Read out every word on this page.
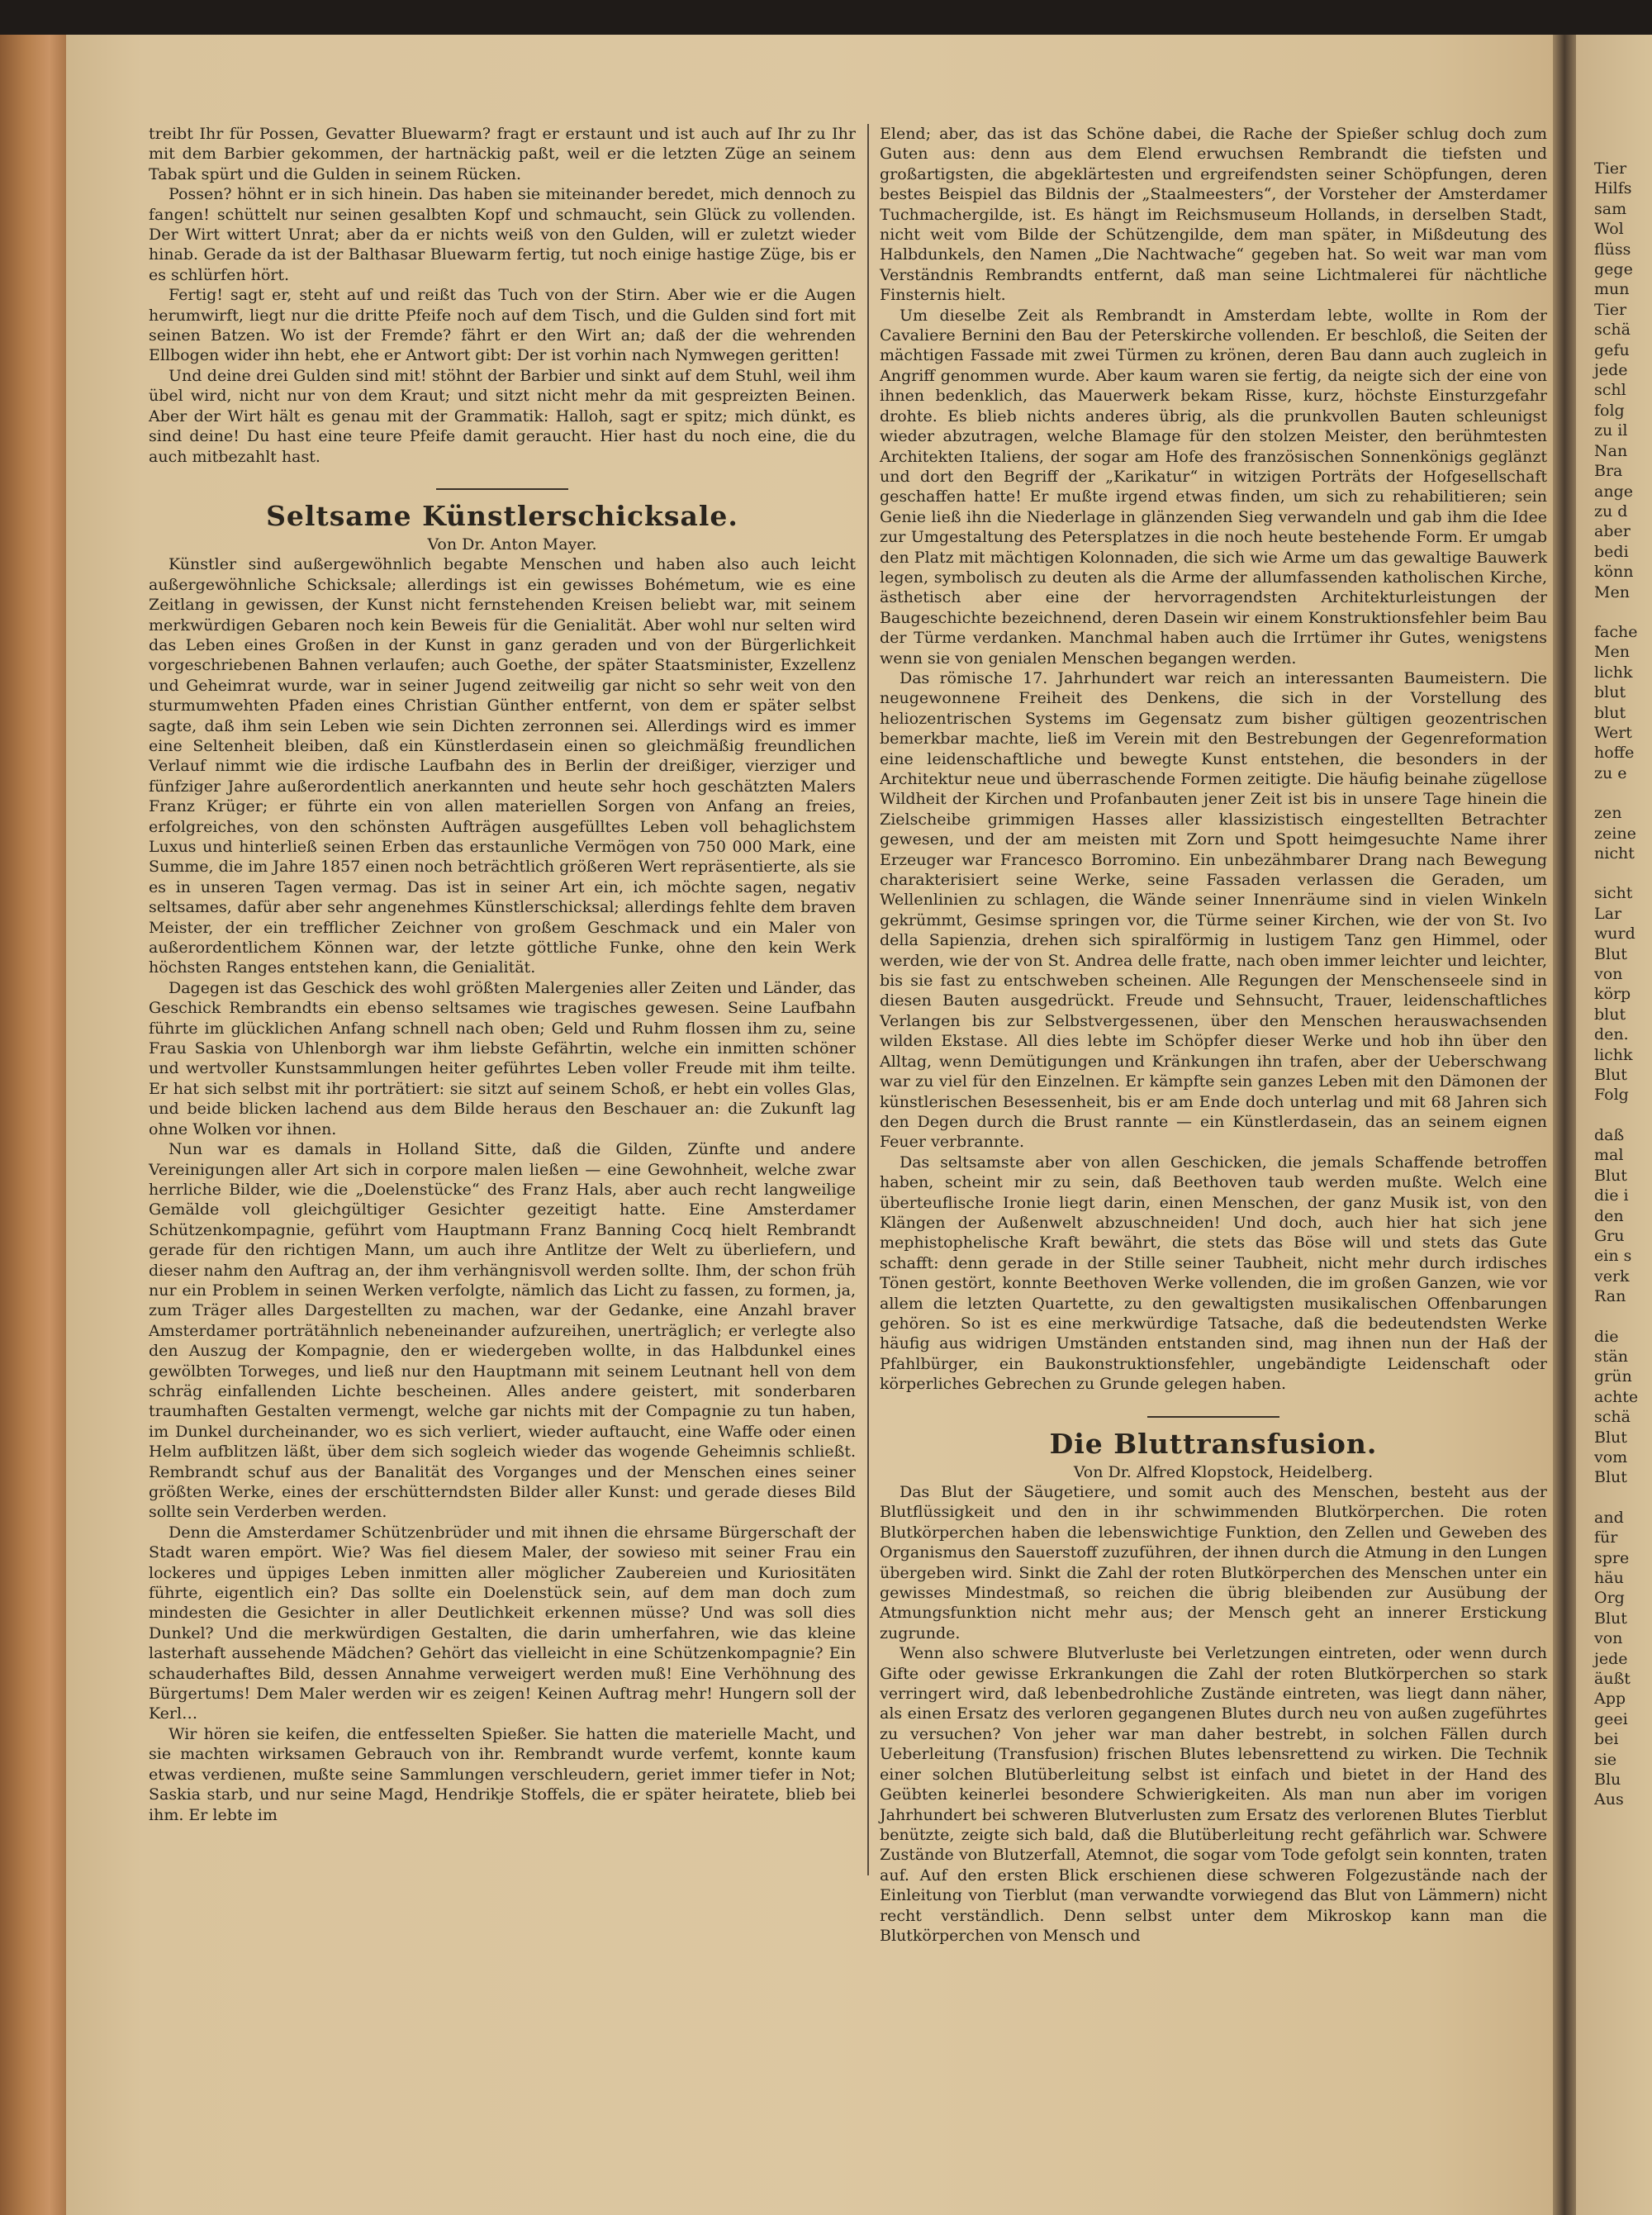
treibt Ihr für Possen, Gevatter Bluewarm? fragt er erstaunt und ist auch auf Ihr zu Ihr mit dem Barbier gekommen, der hartnäckig paßt, weil er die letzten Züge an seinem Tabak spürt und die Gulden in seinem Rücken.

Possen? höhnt er in sich hinein. Das haben sie miteinander beredet, mich dennoch zu fangen! schüttelt nur seinen gesalbten Kopf und schmaucht, sein Glück zu vollenden. Der Wirt wittert Unrat; aber da er nichts weiß von den Gulden, will er zuletzt wieder hinab. Gerade da ist der Balthasar Bluewarm fertig, tut noch einige hastige Züge, bis er es schlürfen hört.

Fertig! sagt er, steht auf und reißt das Tuch von der Stirn. Aber wie er die Augen herumwirft, liegt nur die dritte Pfeife noch auf dem Tisch, und die Gulden sind fort mit seinen Batzen. Wo ist der Fremde? fährt er den Wirt an; daß der die wehrenden Ellbogen wider ihn hebt, ehe er Antwort gibt: Der ist vorhin nach Nymwegen geritten!

Und deine drei Gulden sind mit! stöhnt der Barbier und sinkt auf dem Stuhl, weil ihm übel wird, nicht nur von dem Kraut; und sitzt nicht mehr da mit gespreizten Beinen. Aber der Wirt hält es genau mit der Grammatik: Halloh, sagt er spitz; mich dünkt, es sind deine! Du hast eine teure Pfeife damit geraucht. Hier hast du noch eine, die du auch mitbezahlt hast.

Seltsame Künstlerschicksale.

Von Dr. Anton Mayer.

Künstler sind außergewöhnlich begabte Menschen und haben also auch leicht außergewöhnliche Schicksale; allerdings ist ein gewisses Bohémetum, wie es eine Zeitlang in gewissen, der Kunst nicht fernstehenden Kreisen beliebt war, mit seinem merkwürdigen Gebaren noch kein Beweis für die Genialität. Aber wohl nur selten wird das Leben eines Großen in der Kunst in ganz geraden und von der Bürgerlichkeit vorgeschriebenen Bahnen verlaufen; auch Goethe, der später Staatsminister, Exzellenz und Geheimrat wurde, war in seiner Jugend zeitweilig gar nicht so sehr weit von den sturmumwehten Pfaden eines Christian Günther entfernt, von dem er später selbst sagte, daß ihm sein Leben wie sein Dichten zerronnen sei. Allerdings wird es immer eine Seltenheit bleiben, daß ein Künstlerdasein einen so gleichmäßig freundlichen Verlauf nimmt wie die irdische Laufbahn des in Berlin der dreißiger, vierziger und fünfziger Jahre außerordentlich anerkannten und heute sehr hoch geschätzten Malers Franz Krüger; er führte ein von allen materiellen Sorgen von Anfang an freies, erfolgreiches, von den schönsten Aufträgen ausgefülltes Leben voll behaglichstem Luxus und hinterließ seinen Erben das erstaunliche Vermögen von 750 000 Mark, eine Summe, die im Jahre 1857 einen noch beträchtlich größeren Wert repräsentierte, als sie es in unseren Tagen vermag. Das ist in seiner Art ein, ich möchte sagen, negativ seltsames, dafür aber sehr angenehmes Künstlerschicksal; allerdings fehlte dem braven Meister, der ein trefflicher Zeichner von großem Geschmack und ein Maler von außerordentlichem Können war, der letzte göttliche Funke, ohne den kein Werk höchsten Ranges entstehen kann, die Genialität.

Dagegen ist das Geschick des wohl größten Malergenies aller Zeiten und Länder, das Geschick Rembrandts ein ebenso seltsames wie tragisches gewesen. Seine Laufbahn führte im glücklichen Anfang schnell nach oben; Geld und Ruhm flossen ihm zu, seine Frau Saskia von Uhlenborgh war ihm liebste Gefährtin, welche ein inmitten schöner und wertvoller Kunstsammlungen heiter geführtes Leben voller Freude mit ihm teilte. Er hat sich selbst mit ihr porträtiert: sie sitzt auf seinem Schoß, er hebt ein volles Glas, und beide blicken lachend aus dem Bilde heraus den Beschauer an: die Zukunft lag ohne Wolken vor ihnen.

Nun war es damals in Holland Sitte, daß die Gilden, Zünfte und andere Vereinigungen aller Art sich in corpore malen ließen — eine Gewohnheit, welche zwar herrliche Bilder, wie die „Doelenstücke“ des Franz Hals, aber auch recht langweilige Gemälde voll gleichgültiger Gesichter gezeitigt hatte. Eine Amsterdamer Schützenkompagnie, geführt vom Hauptmann Franz Banning Cocq hielt Rembrandt gerade für den richtigen Mann, um auch ihre Antlitze der Welt zu überliefern, und dieser nahm den Auftrag an, der ihm verhängnisvoll werden sollte. Ihm, der schon früh nur ein Problem in seinen Werken verfolgte, nämlich das Licht zu fassen, zu formen, ja, zum Träger alles Dargestellten zu machen, war der Gedanke, eine Anzahl braver Amsterdamer porträtähnlich nebeneinander aufzureihen, unerträglich; er verlegte also den Auszug der Kompagnie, den er wiedergeben wollte, in das Halbdunkel eines gewölbten Torweges, und ließ nur den Hauptmann mit seinem Leutnant hell von dem schräg einfallenden Lichte bescheinen. Alles andere geistert, mit sonderbaren traumhaften Gestalten vermengt, welche gar nichts mit der Compagnie zu tun haben, im Dunkel durcheinander, wo es sich verliert, wieder auftaucht, eine Waffe oder einen Helm aufblitzen läßt, über dem sich sogleich wieder das wogende Geheimnis schließt. Rembrandt schuf aus der Banalität des Vorganges und der Menschen eines seiner größten Werke, eines der erschütterndsten Bilder aller Kunst: und gerade dieses Bild sollte sein Verderben werden.

Denn die Amsterdamer Schützenbrüder und mit ihnen die ehrsame Bürgerschaft der Stadt waren empört. Wie? Was fiel diesem Maler, der sowieso mit seiner Frau ein lockeres und üppiges Leben inmitten aller möglicher Zaubereien und Kuriositäten führte, eigentlich ein? Das sollte ein Doelenstück sein, auf dem man doch zum mindesten die Gesichter in aller Deutlichkeit erkennen müsse? Und was soll dies Dunkel? Und die merkwürdigen Gestalten, die darin umherfahren, wie das kleine lasterhaft aussehende Mädchen? Gehört das vielleicht in eine Schützenkompagnie? Ein schauderhaftes Bild, dessen Annahme verweigert werden muß! Eine Verhöhnung des Bürgertums! Dem Maler werden wir es zeigen! Keinen Auftrag mehr! Hungern soll der Kerl…

Wir hören sie keifen, die entfesselten Spießer. Sie hatten die materielle Macht, und sie machten wirksamen Gebrauch von ihr. Rembrandt wurde verfemt, konnte kaum etwas verdienen, mußte seine Sammlungen verschleudern, geriet immer tiefer in Not; Saskia starb, und nur seine Magd, Hendrikje Stoffels, die er später heiratete, blieb bei ihm. Er lebte im

Elend; aber, das ist das Schöne dabei, die Rache der Spießer schlug doch zum Guten aus: denn aus dem Elend erwuchsen Rembrandt die tiefsten und großartigsten, die abgeklärtesten und ergreifendsten seiner Schöpfungen, deren bestes Beispiel das Bildnis der „Staalmeesters“, der Vorsteher der Amsterdamer Tuchmachergilde, ist. Es hängt im Reichsmuseum Hollands, in derselben Stadt, nicht weit vom Bilde der Schützengilde, dem man später, in Mißdeutung des Halbdunkels, den Namen „Die Nachtwache“ gegeben hat. So weit war man vom Verständnis Rembrandts entfernt, daß man seine Lichtmalerei für nächtliche Finsternis hielt.

Um dieselbe Zeit als Rembrandt in Amsterdam lebte, wollte in Rom der Cavaliere Bernini den Bau der Peterskirche vollenden. Er beschloß, die Seiten der mächtigen Fassade mit zwei Türmen zu krönen, deren Bau dann auch zugleich in Angriff genommen wurde. Aber kaum waren sie fertig, da neigte sich der eine von ihnen bedenklich, das Mauerwerk bekam Risse, kurz, höchste Einsturzgefahr drohte. Es blieb nichts anderes übrig, als die prunkvollen Bauten schleunigst wieder abzutragen, welche Blamage für den stolzen Meister, den berühmtesten Architekten Italiens, der sogar am Hofe des französischen Sonnenkönigs geglänzt und dort den Begriff der „Karikatur“ in witzigen Porträts der Hofgesellschaft geschaffen hatte! Er mußte irgend etwas finden, um sich zu rehabilitieren; sein Genie ließ ihn die Niederlage in glänzenden Sieg verwandeln und gab ihm die Idee zur Umgestaltung des Petersplatzes in die noch heute bestehende Form. Er umgab den Platz mit mächtigen Kolonnaden, die sich wie Arme um das gewaltige Bauwerk legen, symbolisch zu deuten als die Arme der allumfassenden katholischen Kirche, ästhetisch aber eine der hervorragendsten Architekturleistungen der Baugeschichte bezeichnend, deren Dasein wir einem Konstruktionsfehler beim Bau der Türme verdanken. Manchmal haben auch die Irrtümer ihr Gutes, wenigstens wenn sie von genialen Menschen begangen werden.

Das römische 17. Jahrhundert war reich an interessanten Baumeistern. Die neugewonnene Freiheit des Denkens, die sich in der Vorstellung des heliozentrischen Systems im Gegensatz zum bisher gültigen geozentrischen bemerkbar machte, ließ im Verein mit den Bestrebungen der Gegenreformation eine leidenschaftliche und bewegte Kunst entstehen, die besonders in der Architektur neue und überraschende Formen zeitigte. Die häufig beinahe zügellose Wildheit der Kirchen und Profanbauten jener Zeit ist bis in unsere Tage hinein die Zielscheibe grimmigen Hasses aller klassizistisch eingestellten Betrachter gewesen, und der am meisten mit Zorn und Spott heimgesuchte Name ihrer Erzeuger war Francesco Borromino. Ein unbezähmbarer Drang nach Bewegung charakterisiert seine Werke, seine Fassaden verlassen die Geraden, um Wellenlinien zu schlagen, die Wände seiner Innenräume sind in vielen Winkeln gekrümmt, Gesimse springen vor, die Türme seiner Kirchen, wie der von St. Ivo della Sapienzia, drehen sich spiralförmig in lustigem Tanz gen Himmel, oder werden, wie der von St. Andrea delle fratte, nach oben immer leichter und leichter, bis sie fast zu entschweben scheinen. Alle Regungen der Menschenseele sind in diesen Bauten ausgedrückt. Freude und Sehnsucht, Trauer, leidenschaftliches Verlangen bis zur Selbstvergessenen, über den Menschen herauswachsenden wilden Ekstase. All dies lebte im Schöpfer dieser Werke und hob ihn über den Alltag, wenn Demütigungen und Kränkungen ihn trafen, aber der Ueberschwang war zu viel für den Einzelnen. Er kämpfte sein ganzes Leben mit den Dämonen der künstlerischen Besessenheit, bis er am Ende doch unterlag und mit 68 Jahren sich den Degen durch die Brust rannte — ein Künstlerdasein, das an seinem eignen Feuer verbrannte.

Das seltsamste aber von allen Geschicken, die jemals Schaffende betroffen haben, scheint mir zu sein, daß Beethoven taub werden mußte. Welch eine überteuflische Ironie liegt darin, einen Menschen, der ganz Musik ist, von den Klängen der Außenwelt abzuschneiden! Und doch, auch hier hat sich jene mephistophelische Kraft bewährt, die stets das Böse will und stets das Gute schafft: denn gerade in der Stille seiner Taubheit, nicht mehr durch irdisches Tönen gestört, konnte Beethoven Werke vollenden, die im großen Ganzen, wie vor allem die letzten Quartette, zu den gewaltigsten musikalischen Offenbarungen gehören. So ist es eine merkwürdige Tatsache, daß die bedeutendsten Werke häufig aus widrigen Umständen entstanden sind, mag ihnen nun der Haß der Pfahlbürger, ein Baukonstruktionsfehler, ungebändigte Leidenschaft oder körperliches Gebrechen zu Grunde gelegen haben.

Die Bluttransfusion.

Von Dr. Alfred Klopstock, Heidelberg.

Das Blut der Säugetiere, und somit auch des Menschen, besteht aus der Blutflüssigkeit und den in ihr schwimmenden Blutkörperchen. Die roten Blutkörperchen haben die lebenswichtige Funktion, den Zellen und Geweben des Organismus den Sauerstoff zuzuführen, der ihnen durch die Atmung in den Lungen übergeben wird. Sinkt die Zahl der roten Blutkörperchen des Menschen unter ein gewisses Mindestmaß, so reichen die übrig bleibenden zur Ausübung der Atmungsfunktion nicht mehr aus; der Mensch geht an innerer Erstickung zugrunde.

Wenn also schwere Blutverluste bei Verletzungen eintreten, oder wenn durch Gifte oder gewisse Erkrankungen die Zahl der roten Blutkörperchen so stark verringert wird, daß lebenbedrohliche Zustände eintreten, was liegt dann näher, als einen Ersatz des verloren gegangenen Blutes durch neu von außen zugeführtes zu versuchen? Von jeher war man daher bestrebt, in solchen Fällen durch Ueberleitung (Transfusion) frischen Blutes lebensrettend zu wirken. Die Technik einer solchen Blutüberleitung selbst ist einfach und bietet in der Hand des Geübten keinerlei besondere Schwierigkeiten. Als man nun aber im vorigen Jahrhundert bei schweren Blutverlusten zum Ersatz des verlorenen Blutes Tierblut benützte, zeigte sich bald, daß die Blutüberleitung recht gefährlich war. Schwere Zustände von Blutzerfall, Atemnot, die sogar vom Tode gefolgt sein konnten, traten auf. Auf den ersten Blick erschienen diese schweren Folgezustände nach der Einleitung von Tierblut (man verwandte vorwiegend das Blut von Lämmern) nicht recht verständlich. Denn selbst unter dem Mikroskop kann man die Blutkörperchen von Mensch und

Tier
Hilfs
sam
Wol
flüss
gege
mun
Tier
schä
gefu
jede
schl
folg
zu il
Nan
Bra
ange
zu d
aber
bedi
könn
Men
fache
Men
lichk
blut
blut
Wert
hoffe
zu e
zen
zeine
nicht
sicht
Lar
wurd
Blut
von
körp
blut
den.
lichk
Blut
Folg
daß
mal
Blut
die i
den
Gru
ein s
verk
Ran
die
stän
grün
achte
schä
Blut
vom
Blut
and
für
spre
häu
Org
Blut
von
jede
äußt
App
geei
bei
sie
Blu
Aus
